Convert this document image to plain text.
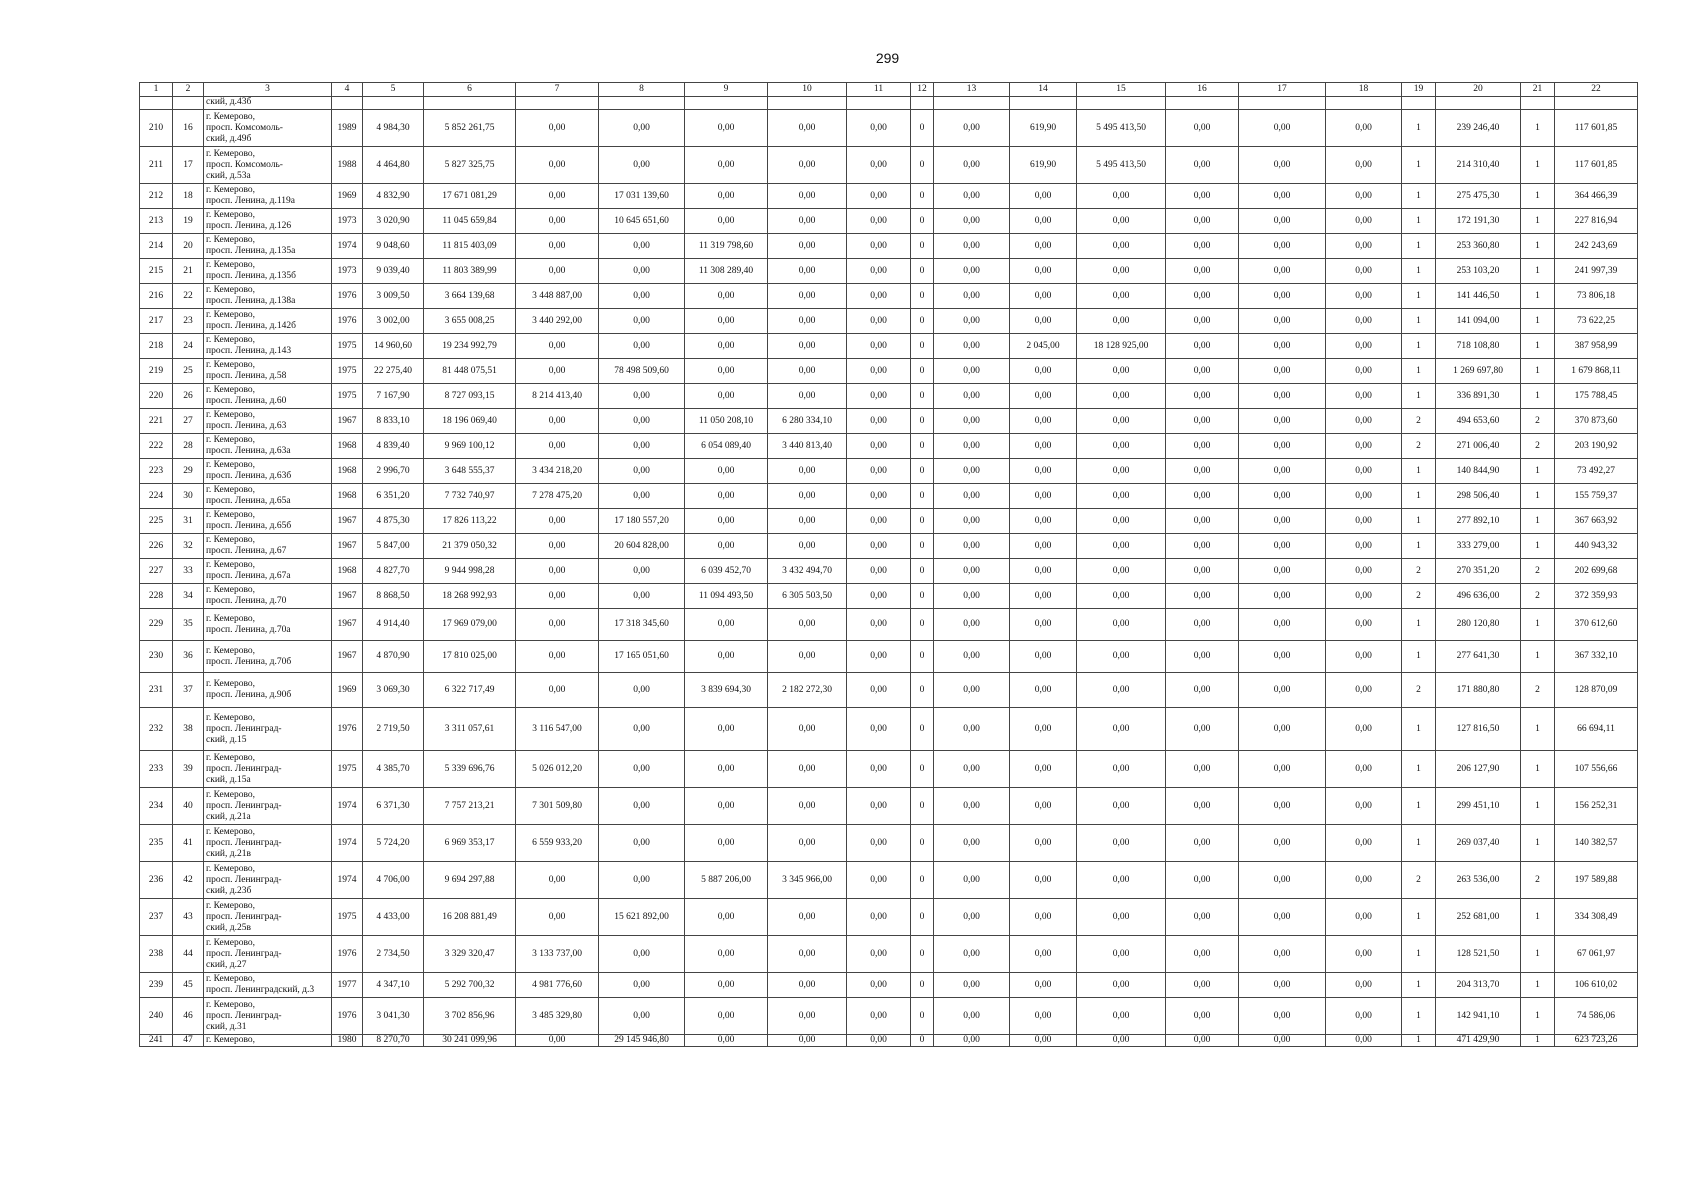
299
1	2	3	4	5	6	7	8	9	10	11	12	13	14	15	16	17	18	19	20	21	22
		ский, д.43б																			
210	16	г. Кемерово,
просп. Комсомоль-
ский, д.49б	1989	4 984,30	5 852 261,75	0,00	0,00	0,00	0,00	0,00	0	0,00	619,90	5 495 413,50	0,00	0,00	0,00	1	239 246,40	1	117 601,85
211	17	г. Кемерово,
просп. Комсомоль-
ский, д.53а	1988	4 464,80	5 827 325,75	0,00	0,00	0,00	0,00	0,00	0	0,00	619,90	5 495 413,50	0,00	0,00	0,00	1	214 310,40	1	117 601,85
212	18	г. Кемерово,
просп. Ленина, д.119а	1969	4 832,90	17 671 081,29	0,00	17 031 139,60	0,00	0,00	0,00	0	0,00	0,00	0,00	0,00	0,00	0,00	1	275 475,30	1	364 466,39
213	19	г. Кемерово,
просп. Ленина, д.126	1973	3 020,90	11 045 659,84	0,00	10 645 651,60	0,00	0,00	0,00	0	0,00	0,00	0,00	0,00	0,00	0,00	1	172 191,30	1	227 816,94
214	20	г. Кемерово,
просп. Ленина, д.135а	1974	9 048,60	11 815 403,09	0,00	0,00	11 319 798,60	0,00	0,00	0	0,00	0,00	0,00	0,00	0,00	0,00	1	253 360,80	1	242 243,69
215	21	г. Кемерово,
просп. Ленина, д.135б	1973	9 039,40	11 803 389,99	0,00	0,00	11 308 289,40	0,00	0,00	0	0,00	0,00	0,00	0,00	0,00	0,00	1	253 103,20	1	241 997,39
216	22	г. Кемерово,
просп. Ленина, д.138а	1976	3 009,50	3 664 139,68	3 448 887,00	0,00	0,00	0,00	0,00	0	0,00	0,00	0,00	0,00	0,00	0,00	1	141 446,50	1	73 806,18
217	23	г. Кемерово,
просп. Ленина, д.142б	1976	3 002,00	3 655 008,25	3 440 292,00	0,00	0,00	0,00	0,00	0	0,00	0,00	0,00	0,00	0,00	0,00	1	141 094,00	1	73 622,25
218	24	г. Кемерово,
просп. Ленина, д.143	1975	14 960,60	19 234 992,79	0,00	0,00	0,00	0,00	0,00	0	0,00	2 045,00	18 128 925,00	0,00	0,00	0,00	1	718 108,80	1	387 958,99
219	25	г. Кемерово,
просп. Ленина, д.58	1975	22 275,40	81 448 075,51	0,00	78 498 509,60	0,00	0,00	0,00	0	0,00	0,00	0,00	0,00	0,00	0,00	1	1 269 697,80	1	1 679 868,11
220	26	г. Кемерово,
просп. Ленина, д.60	1975	7 167,90	8 727 093,15	8 214 413,40	0,00	0,00	0,00	0,00	0	0,00	0,00	0,00	0,00	0,00	0,00	1	336 891,30	1	175 788,45
221	27	г. Кемерово,
просп. Ленина, д.63	1967	8 833,10	18 196 069,40	0,00	0,00	11 050 208,10	6 280 334,10	0,00	0	0,00	0,00	0,00	0,00	0,00	0,00	2	494 653,60	2	370 873,60
222	28	г. Кемерово,
просп. Ленина, д.63а	1968	4 839,40	9 969 100,12	0,00	0,00	6 054 089,40	3 440 813,40	0,00	0	0,00	0,00	0,00	0,00	0,00	0,00	2	271 006,40	2	203 190,92
223	29	г. Кемерово,
просп. Ленина, д.63б	1968	2 996,70	3 648 555,37	3 434 218,20	0,00	0,00	0,00	0,00	0	0,00	0,00	0,00	0,00	0,00	0,00	1	140 844,90	1	73 492,27
224	30	г. Кемерово,
просп. Ленина, д.65а	1968	6 351,20	7 732 740,97	7 278 475,20	0,00	0,00	0,00	0,00	0	0,00	0,00	0,00	0,00	0,00	0,00	1	298 506,40	1	155 759,37
225	31	г. Кемерово,
просп. Ленина, д.65б	1967	4 875,30	17 826 113,22	0,00	17 180 557,20	0,00	0,00	0,00	0	0,00	0,00	0,00	0,00	0,00	0,00	1	277 892,10	1	367 663,92
226	32	г. Кемерово,
просп. Ленина, д.67	1967	5 847,00	21 379 050,32	0,00	20 604 828,00	0,00	0,00	0,00	0	0,00	0,00	0,00	0,00	0,00	0,00	1	333 279,00	1	440 943,32
227	33	г. Кемерово,
просп. Ленина, д.67а	1968	4 827,70	9 944 998,28	0,00	0,00	6 039 452,70	3 432 494,70	0,00	0	0,00	0,00	0,00	0,00	0,00	0,00	2	270 351,20	2	202 699,68
228	34	г. Кемерово,
просп. Ленина, д.70	1967	8 868,50	18 268 992,93	0,00	0,00	11 094 493,50	6 305 503,50	0,00	0	0,00	0,00	0,00	0,00	0,00	0,00	2	496 636,00	2	372 359,93
229	35	г. Кемерово,
просп. Ленина, д.70а	1967	4 914,40	17 969 079,00	0,00	17 318 345,60	0,00	0,00	0,00	0	0,00	0,00	0,00	0,00	0,00	0,00	1	280 120,80	1	370 612,60
230	36	г. Кемерово,
просп. Ленина, д.70б	1967	4 870,90	17 810 025,00	0,00	17 165 051,60	0,00	0,00	0,00	0	0,00	0,00	0,00	0,00	0,00	0,00	1	277 641,30	1	367 332,10
231	37	г. Кемерово,
просп. Ленина, д.90б	1969	3 069,30	6 322 717,49	0,00	0,00	3 839 694,30	2 182 272,30	0,00	0	0,00	0,00	0,00	0,00	0,00	0,00	2	171 880,80	2	128 870,09
232	38	г. Кемерово,
просп. Ленинград-
ский, д.15	1976	2 719,50	3 311 057,61	3 116 547,00	0,00	0,00	0,00	0,00	0	0,00	0,00	0,00	0,00	0,00	0,00	1	127 816,50	1	66 694,11
233	39	г. Кемерово,
просп. Ленинград-
ский, д.15а	1975	4 385,70	5 339 696,76	5 026 012,20	0,00	0,00	0,00	0,00	0	0,00	0,00	0,00	0,00	0,00	0,00	1	206 127,90	1	107 556,66
234	40	г. Кемерово,
просп. Ленинград-
ский, д.21а	1974	6 371,30	7 757 213,21	7 301 509,80	0,00	0,00	0,00	0,00	0	0,00	0,00	0,00	0,00	0,00	0,00	1	299 451,10	1	156 252,31
235	41	г. Кемерово,
просп. Ленинград-
ский, д.21в	1974	5 724,20	6 969 353,17	6 559 933,20	0,00	0,00	0,00	0,00	0	0,00	0,00	0,00	0,00	0,00	0,00	1	269 037,40	1	140 382,57
236	42	г. Кемерово,
просп. Ленинград-
ский, д.23б	1974	4 706,00	9 694 297,88	0,00	0,00	5 887 206,00	3 345 966,00	0,00	0	0,00	0,00	0,00	0,00	0,00	0,00	2	263 536,00	2	197 589,88
237	43	г. Кемерово,
просп. Ленинград-
ский, д.25в	1975	4 433,00	16 208 881,49	0,00	15 621 892,00	0,00	0,00	0,00	0	0,00	0,00	0,00	0,00	0,00	0,00	1	252 681,00	1	334 308,49
238	44	г. Кемерово,
просп. Ленинград-
ский, д.27	1976	2 734,50	3 329 320,47	3 133 737,00	0,00	0,00	0,00	0,00	0	0,00	0,00	0,00	0,00	0,00	0,00	1	128 521,50	1	67 061,97
239	45	г. Кемерово,
просп. Ленинградский, д.3	1977	4 347,10	5 292 700,32	4 981 776,60	0,00	0,00	0,00	0,00	0	0,00	0,00	0,00	0,00	0,00	0,00	1	204 313,70	1	106 610,02
240	46	г. Кемерово,
просп. Ленинград-
ский, д.31	1976	3 041,30	3 702 856,96	3 485 329,80	0,00	0,00	0,00	0,00	0	0,00	0,00	0,00	0,00	0,00	0,00	1	142 941,10	1	74 586,06
241	47	г. Кемерово,	1980	8 270,70	30 241 099,96	0,00	29 145 946,80	0,00	0,00	0,00	0	0,00	0,00	0,00	0,00	0,00	0,00	1	471 429,90	1	623 723,26
